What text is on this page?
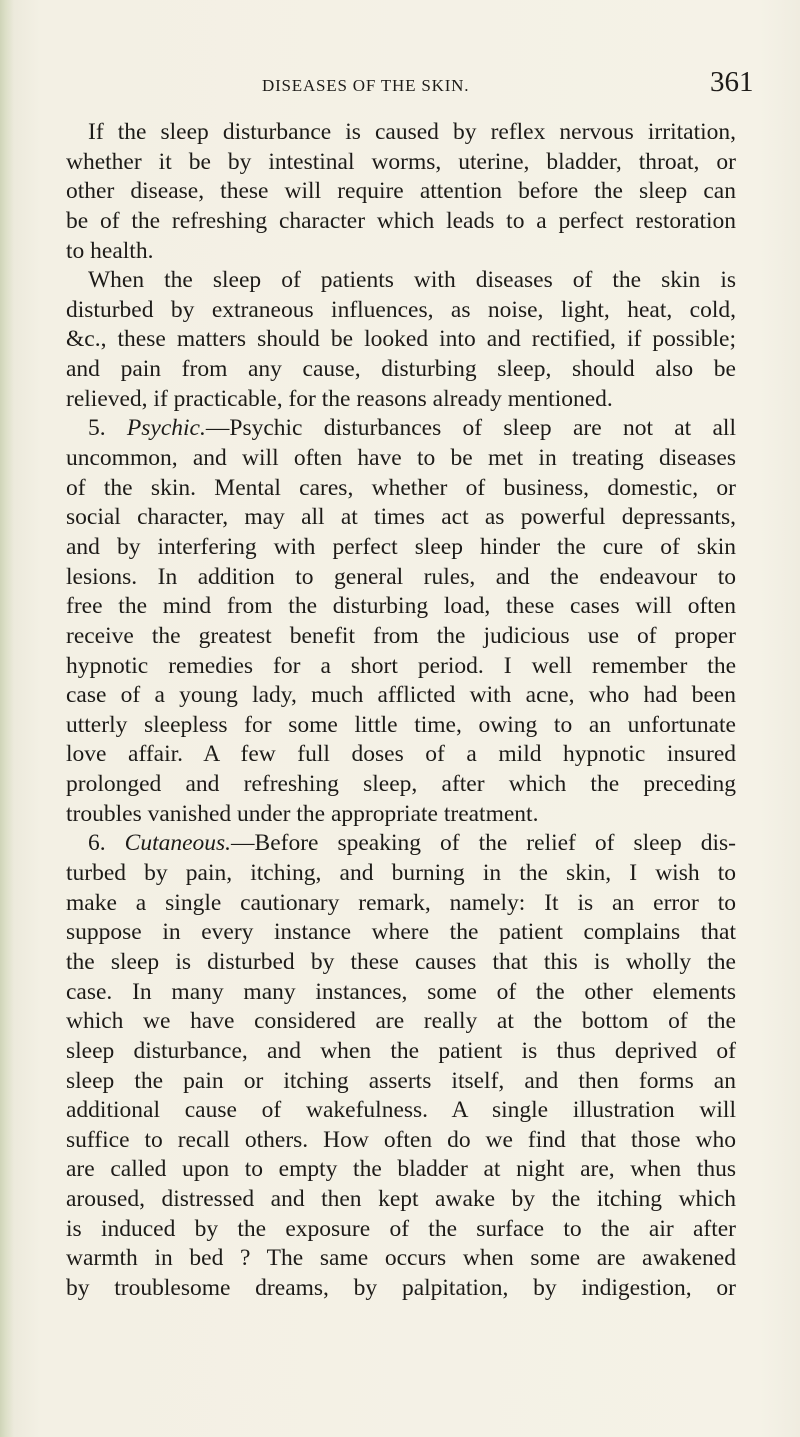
DISEASES OF THE SKIN.	361
If the sleep disturbance is caused by reflex nervous irritation,
whether it be by intestinal worms, uterine, bladder, throat, or
other disease, these will require attention before the sleep can
be of the refreshing character which leads to a perfect restoration
to health.
When the sleep of patients with diseases of the skin is
disturbed by extraneous influences, as noise, light, heat, cold,
&c., these matters should be looked into and rectified, if possible;
and pain from any cause, disturbing sleep, should also be
relieved, if practicable, for the reasons already mentioned.
5. Psychic.—Psychic disturbances of sleep are not at all
uncommon, and will often have to be met in treating diseases
of the skin. Mental cares, whether of business, domestic, or
social character, may all at times act as powerful depressants,
and by interfering with perfect sleep hinder the cure of skin
lesions. In addition to general rules, and the endeavour to
free the mind from the disturbing load, these cases will often
receive the greatest benefit from the judicious use of proper
hypnotic remedies for a short period. I well remember the
case of a young lady, much afflicted with acne, who had been
utterly sleepless for some little time, owing to an unfortunate
love affair. A few full doses of a mild hypnotic insured
prolonged and refreshing sleep, after which the preceding
troubles vanished under the appropriate treatment.
6. Cutaneous.—Before speaking of the relief of sleep dis-
turbed by pain, itching, and burning in the skin, I wish to
make a single cautionary remark, namely: It is an error to
suppose in every instance where the patient complains that
the sleep is disturbed by these causes that this is wholly the
case. In many many instances, some of the other elements
which we have considered are really at the bottom of the
sleep disturbance, and when the patient is thus deprived of
sleep the pain or itching asserts itself, and then forms an
additional cause of wakefulness. A single illustration will
suffice to recall others. How often do we find that those who
are called upon to empty the bladder at night are, when thus
aroused, distressed and then kept awake by the itching which
is induced by the exposure of the surface to the air after
warmth in bed ? The same occurs when some are awakened
by troublesome dreams, by palpitation, by indigestion, or
